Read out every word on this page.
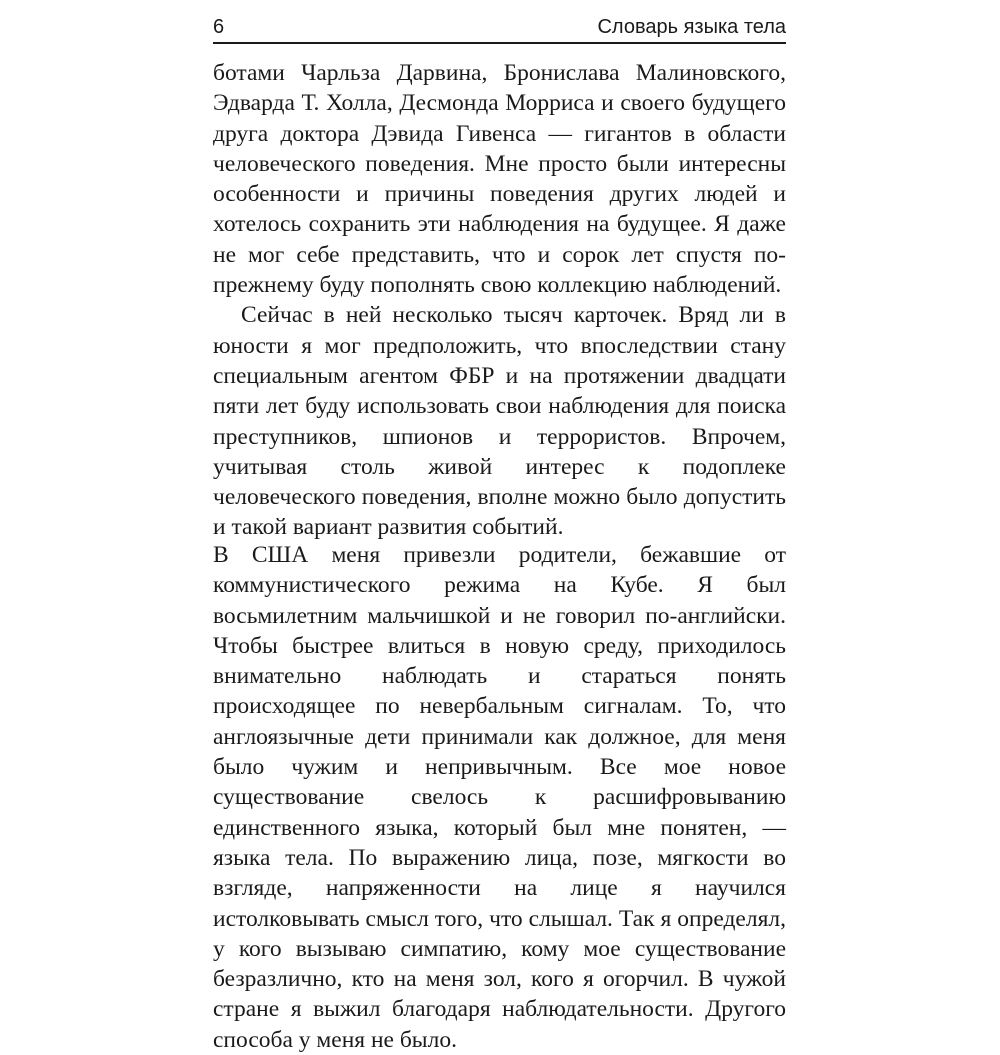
6	Словарь языка тела

ботами Чарльза Дарвина, Бронислава Малиновского, Эдварда Т. Холла, Десмонда Морриса и своего будущего друга доктора Дэвида Гивенса — гигантов в области человеческого поведения. Мне просто были интересны особенности и причины поведения других людей и хотелось сохранить эти наблюдения на будущее. Я даже не мог себе представить, что и сорок лет спустя по-прежнему буду пополнять свою коллекцию наблюдений.

Сейчас в ней несколько тысяч карточек. Вряд ли в юности я мог предположить, что впоследствии стану специальным агентом ФБР и на протяжении двадцати пяти лет буду использовать свои наблюдения для поиска преступников, шпионов и террористов. Впрочем, учитывая столь живой интерес к подоплеке человеческого поведения, вполне можно было допустить и такой вариант развития событий.

В США меня привезли родители, бежавшие от коммунистического режима на Кубе. Я был восьмилетним мальчишкой и не говорил по-английски. Чтобы быстрее влиться в новую среду, приходилось внимательно наблюдать и стараться понять происходящее по невербальным сигналам. То, что англоязычные дети принимали как должное, для меня было чужим и непривычным. Все мое новое существование свелось к расшифровыванию единственного языка, который был мне понятен, — языка тела. По выражению лица, позе, мягкости во взгляде, напряженности на лице я научился истолковывать смысл того, что слышал. Так я определял, у кого вызываю симпатию, кому мое существование безразлично, кто на меня зол, кого я огорчил. В чужой стране я выжил благодаря наблюдательности. Другого способа у меня не было.
